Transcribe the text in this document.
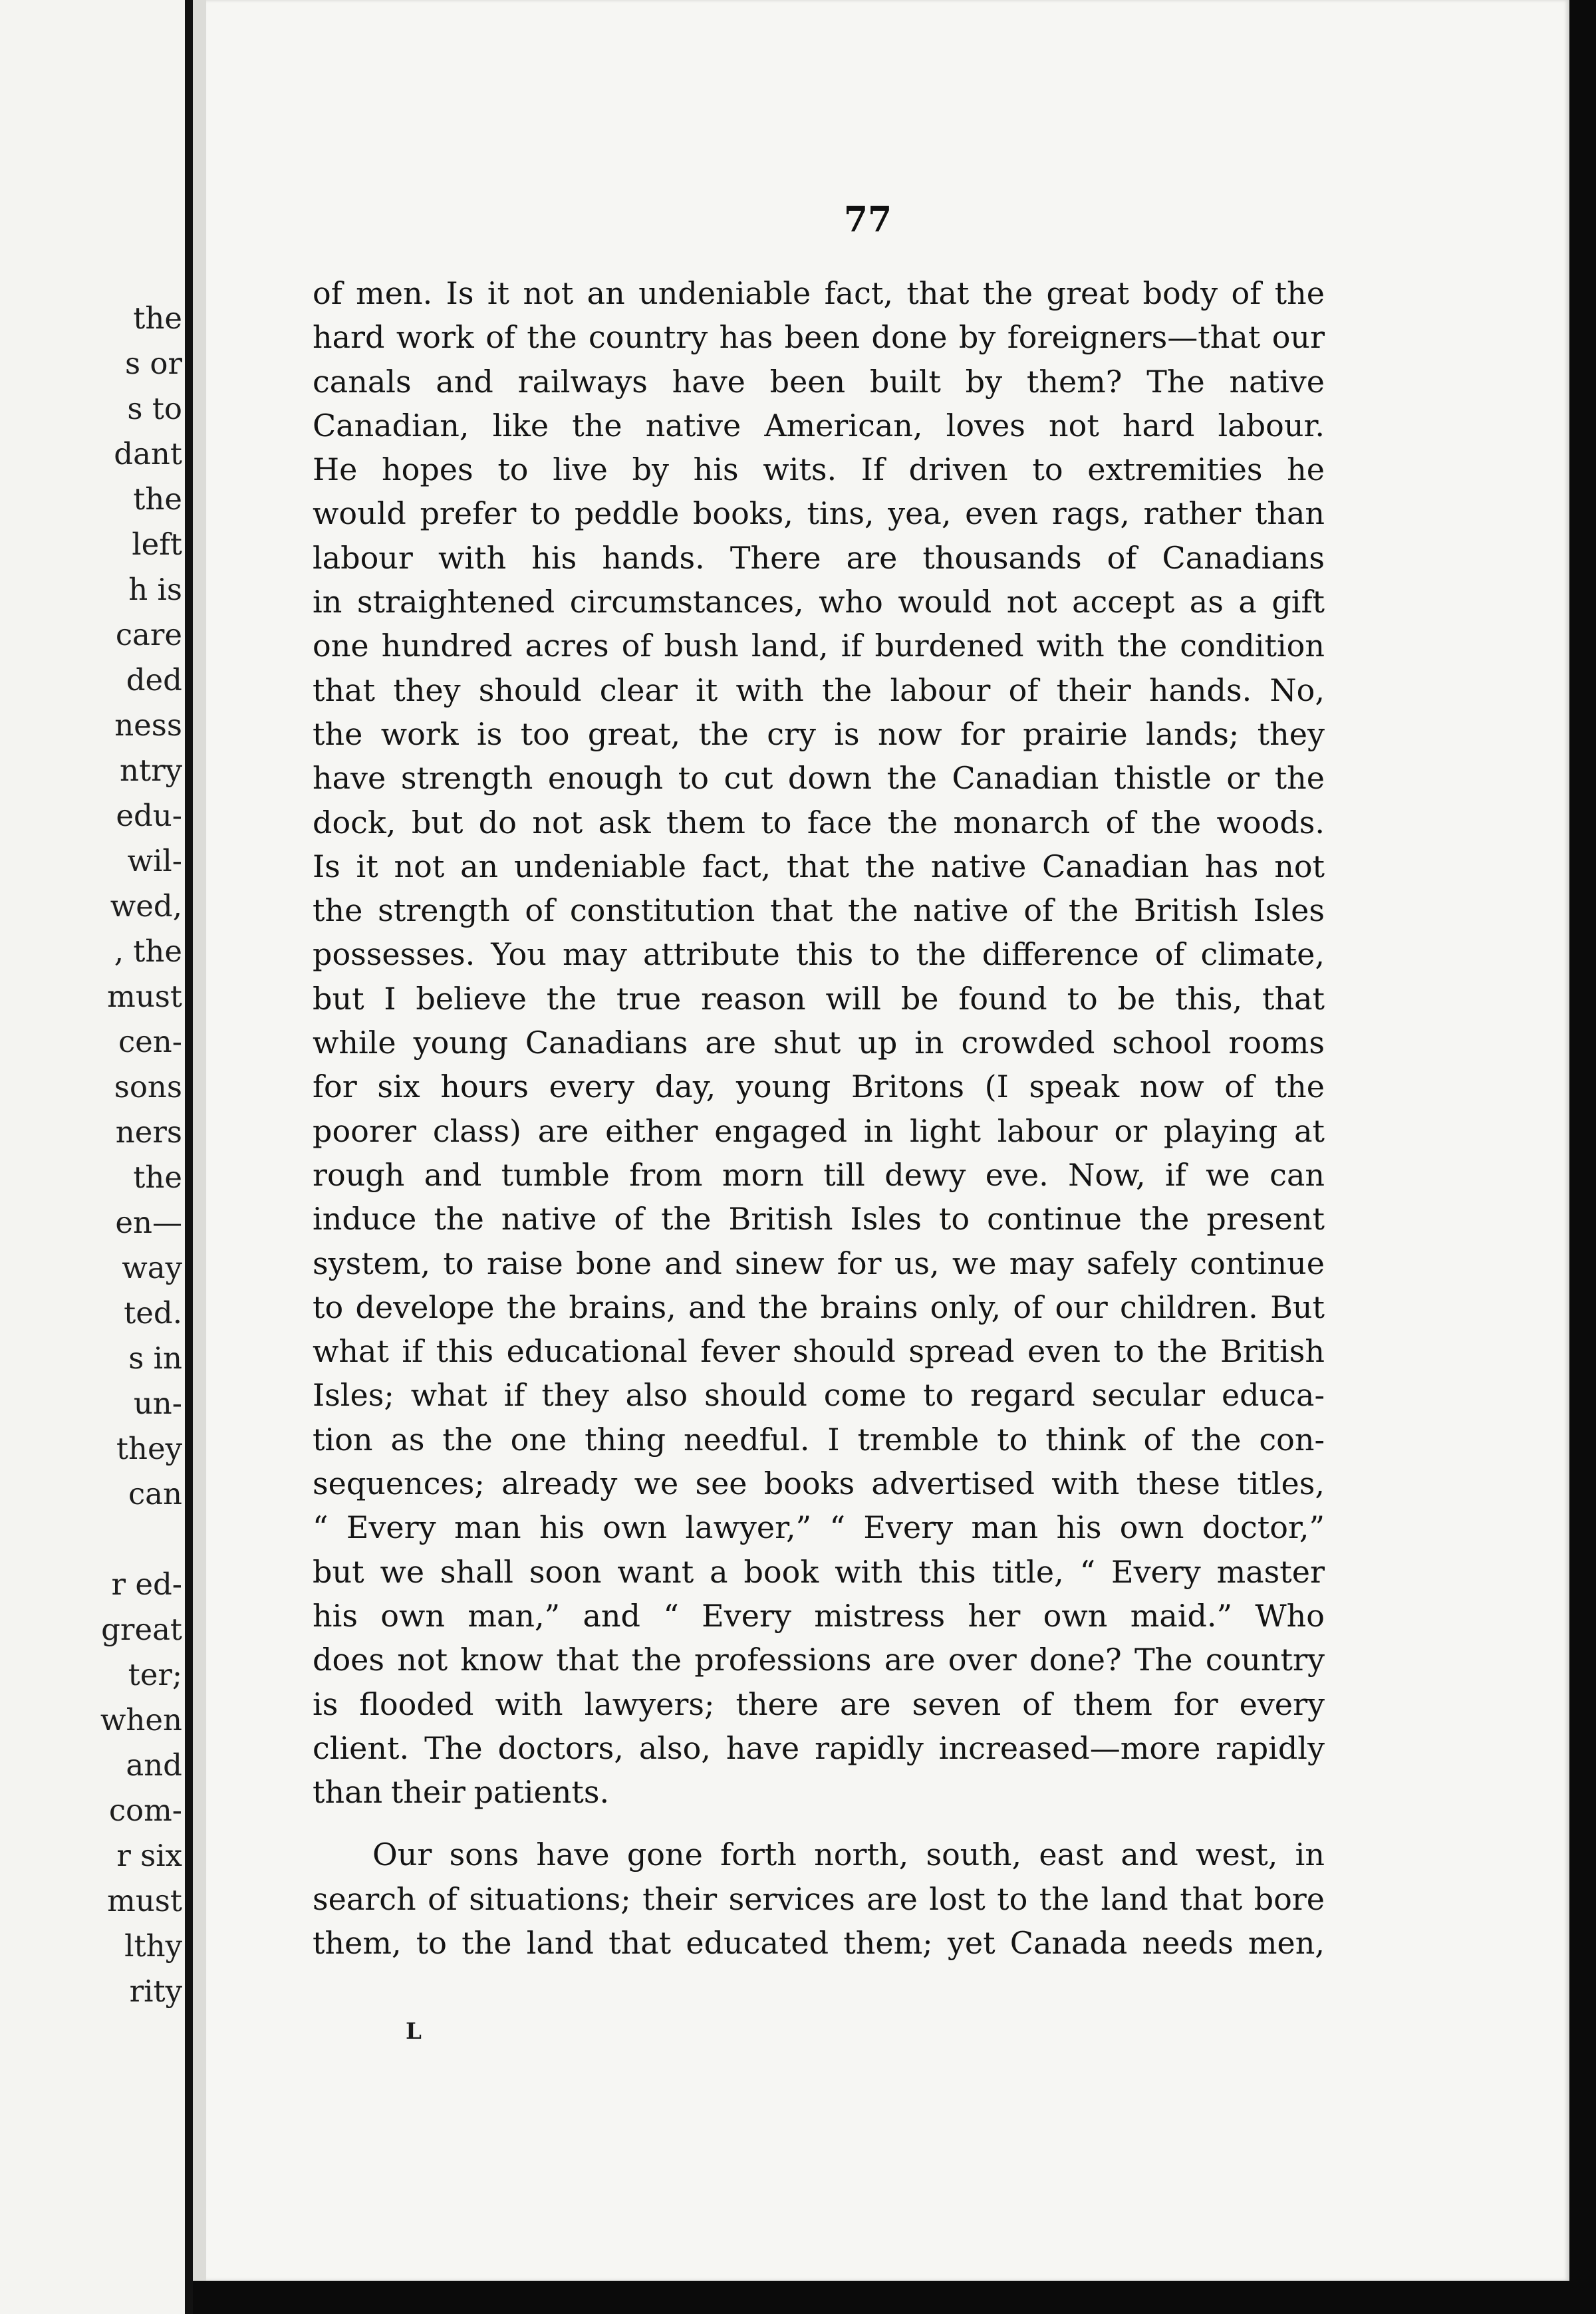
the
s or
s to
dant
the
left
h is
care
ded
ness
ntry
edu-
wil-
wed,
, the
must
cen-
sons
ners
the
en—
way
ted.
s in
un-
they
can
r ed-
great
ter;
when
and
com-
r six
must
lthy
rity
77
of men. Is it not an undeniable fact, that the great body of the
hard work of the country has been done by foreigners—that our
canals and railways have been built by them? The native
Canadian, like the native American, loves not hard labour.
He hopes to live by his wits. If driven to extremities he
would prefer to peddle books, tins, yea, even rags, rather than
labour with his hands. There are thousands of Canadians
in straightened circumstances, who would not accept as a gift
one hundred acres of bush land, if burdened with the condition
that they should clear it with the labour of their hands. No,
the work is too great, the cry is now for prairie lands; they
have strength enough to cut down the Canadian thistle or the
dock, but do not ask them to face the monarch of the woods.
Is it not an undeniable fact, that the native Canadian has not
the strength of constitution that the native of the British Isles
possesses. You may attribute this to the difference of climate,
but I believe the true reason will be found to be this, that
while young Canadians are shut up in crowded school rooms
for six hours every day, young Britons (I speak now of the
poorer class) are either engaged in light labour or playing at
rough and tumble from morn till dewy eve. Now, if we can
induce the native of the British Isles to continue the present
system, to raise bone and sinew for us, we may safely continue
to develope the brains, and the brains only, of our children. But
what if this educational fever should spread even to the British
Isles; what if they also should come to regard secular educa-
tion as the one thing needful. I tremble to think of the con-
sequences; already we see books advertised with these titles,
“ Every man his own lawyer,” “ Every man his own doctor,”
but we shall soon want a book with this title, “ Every master
his own man,” and “ Every mistress her own maid.” Who
does not know that the professions are over done? The country
is flooded with lawyers; there are seven of them for every
client. The doctors, also, have rapidly increased—more rapidly
than their patients.
Our sons have gone forth north, south, east and west, in
search of situations; their services are lost to the land that bore
them, to the land that educated them; yet Canada needs men,
L
